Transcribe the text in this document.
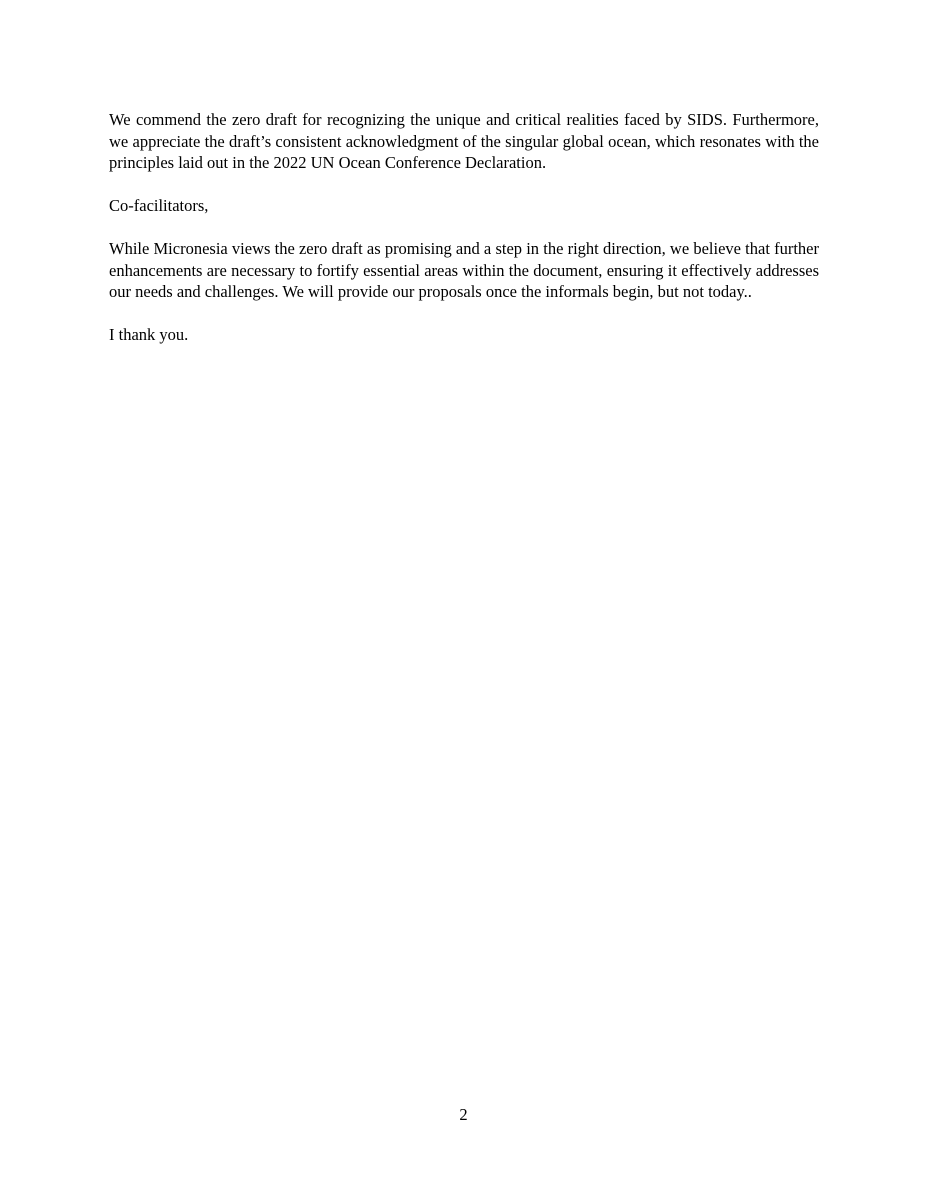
We commend the zero draft for recognizing the unique and critical realities faced by SIDS. Furthermore, we appreciate the draft’s consistent acknowledgment of the singular global ocean, which resonates with the principles laid out in the 2022 UN Ocean Conference Declaration.

Co-facilitators,

While Micronesia views the zero draft as promising and a step in the right direction, we believe that further enhancements are necessary to fortify essential areas within the document, ensuring it effectively addresses our needs and challenges. We will provide our proposals once the informals begin, but not today..

I thank you.

2
